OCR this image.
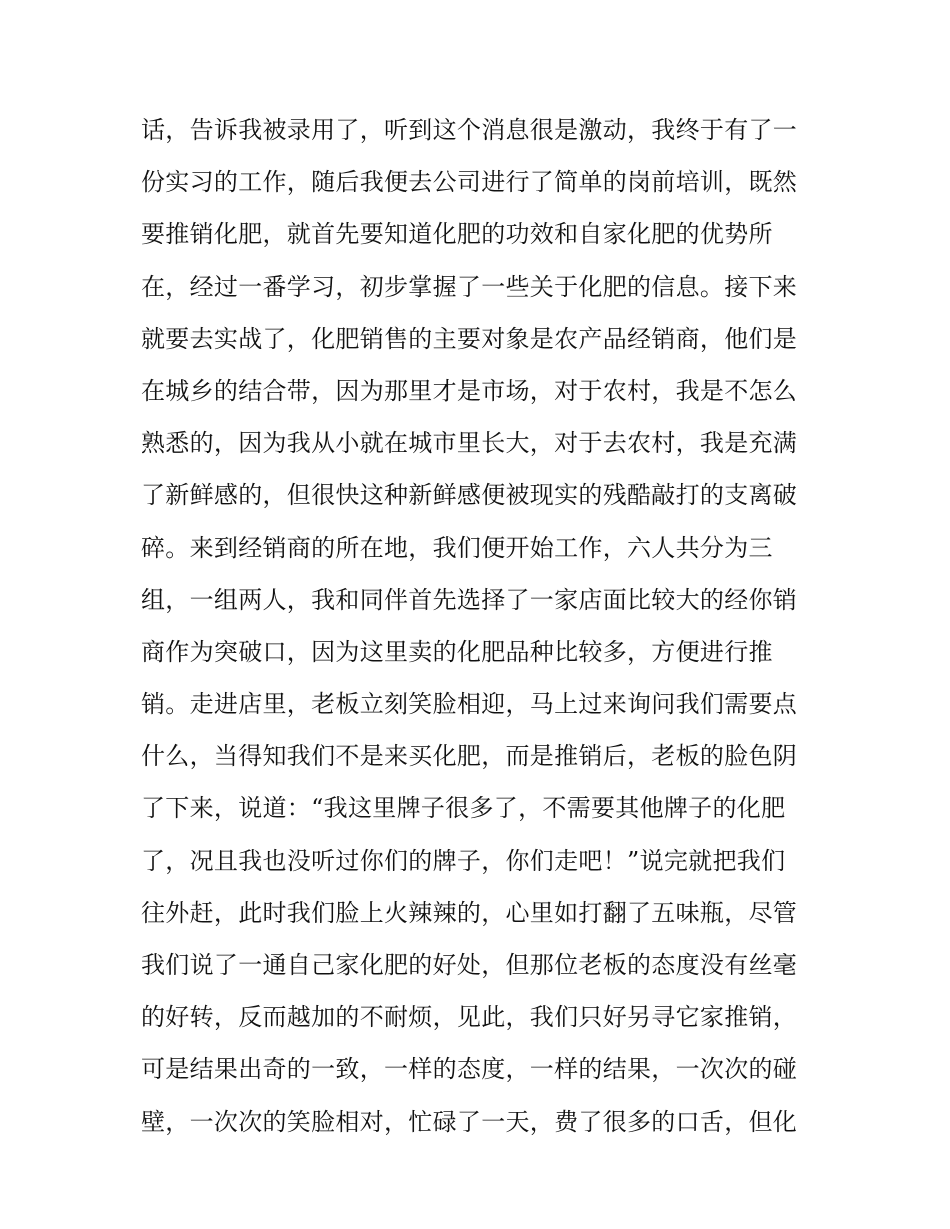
话，告诉我被录用了，听到这个消息很是激动，我终于有了一
份实习的工作，随后我便去公司进行了简单的岗前培训，既然
要推销化肥，就首先要知道化肥的功效和自家化肥的优势所
在，经过一番学习，初步掌握了一些关于化肥的信息。接下来
就要去实战了，化肥销售的主要对象是农产品经销商，他们是
在城乡的结合带，因为那里才是市场，对于农村，我是不怎么
熟悉的，因为我从小就在城市里长大，对于去农村，我是充满
了新鲜感的，但很快这种新鲜感便被现实的残酷敲打的支离破
碎。来到经销商的所在地，我们便开始工作，六人共分为三
组，一组两人，我和同伴首先选择了一家店面比较大的经你销
商作为突破口，因为这里卖的化肥品种比较多，方便进行推
销。走进店里，老板立刻笑脸相迎，马上过来询问我们需要点
什么，当得知我们不是来买化肥，而是推销后，老板的脸色阴
了下来，说道：“我这里牌子很多了，不需要其他牌子的化肥
了，况且我也没听过你们的牌子，你们走吧！”说完就把我们
往外赶，此时我们脸上火辣辣的，心里如打翻了五味瓶，尽管
我们说了一通自己家化肥的好处，但那位老板的态度没有丝毫
的好转，反而越加的不耐烦，见此，我们只好另寻它家推销，
可是结果出奇的一致，一样的态度，一样的结果，一次次的碰
壁，一次次的笑脸相对，忙碌了一天，费了很多的口舌，但化
